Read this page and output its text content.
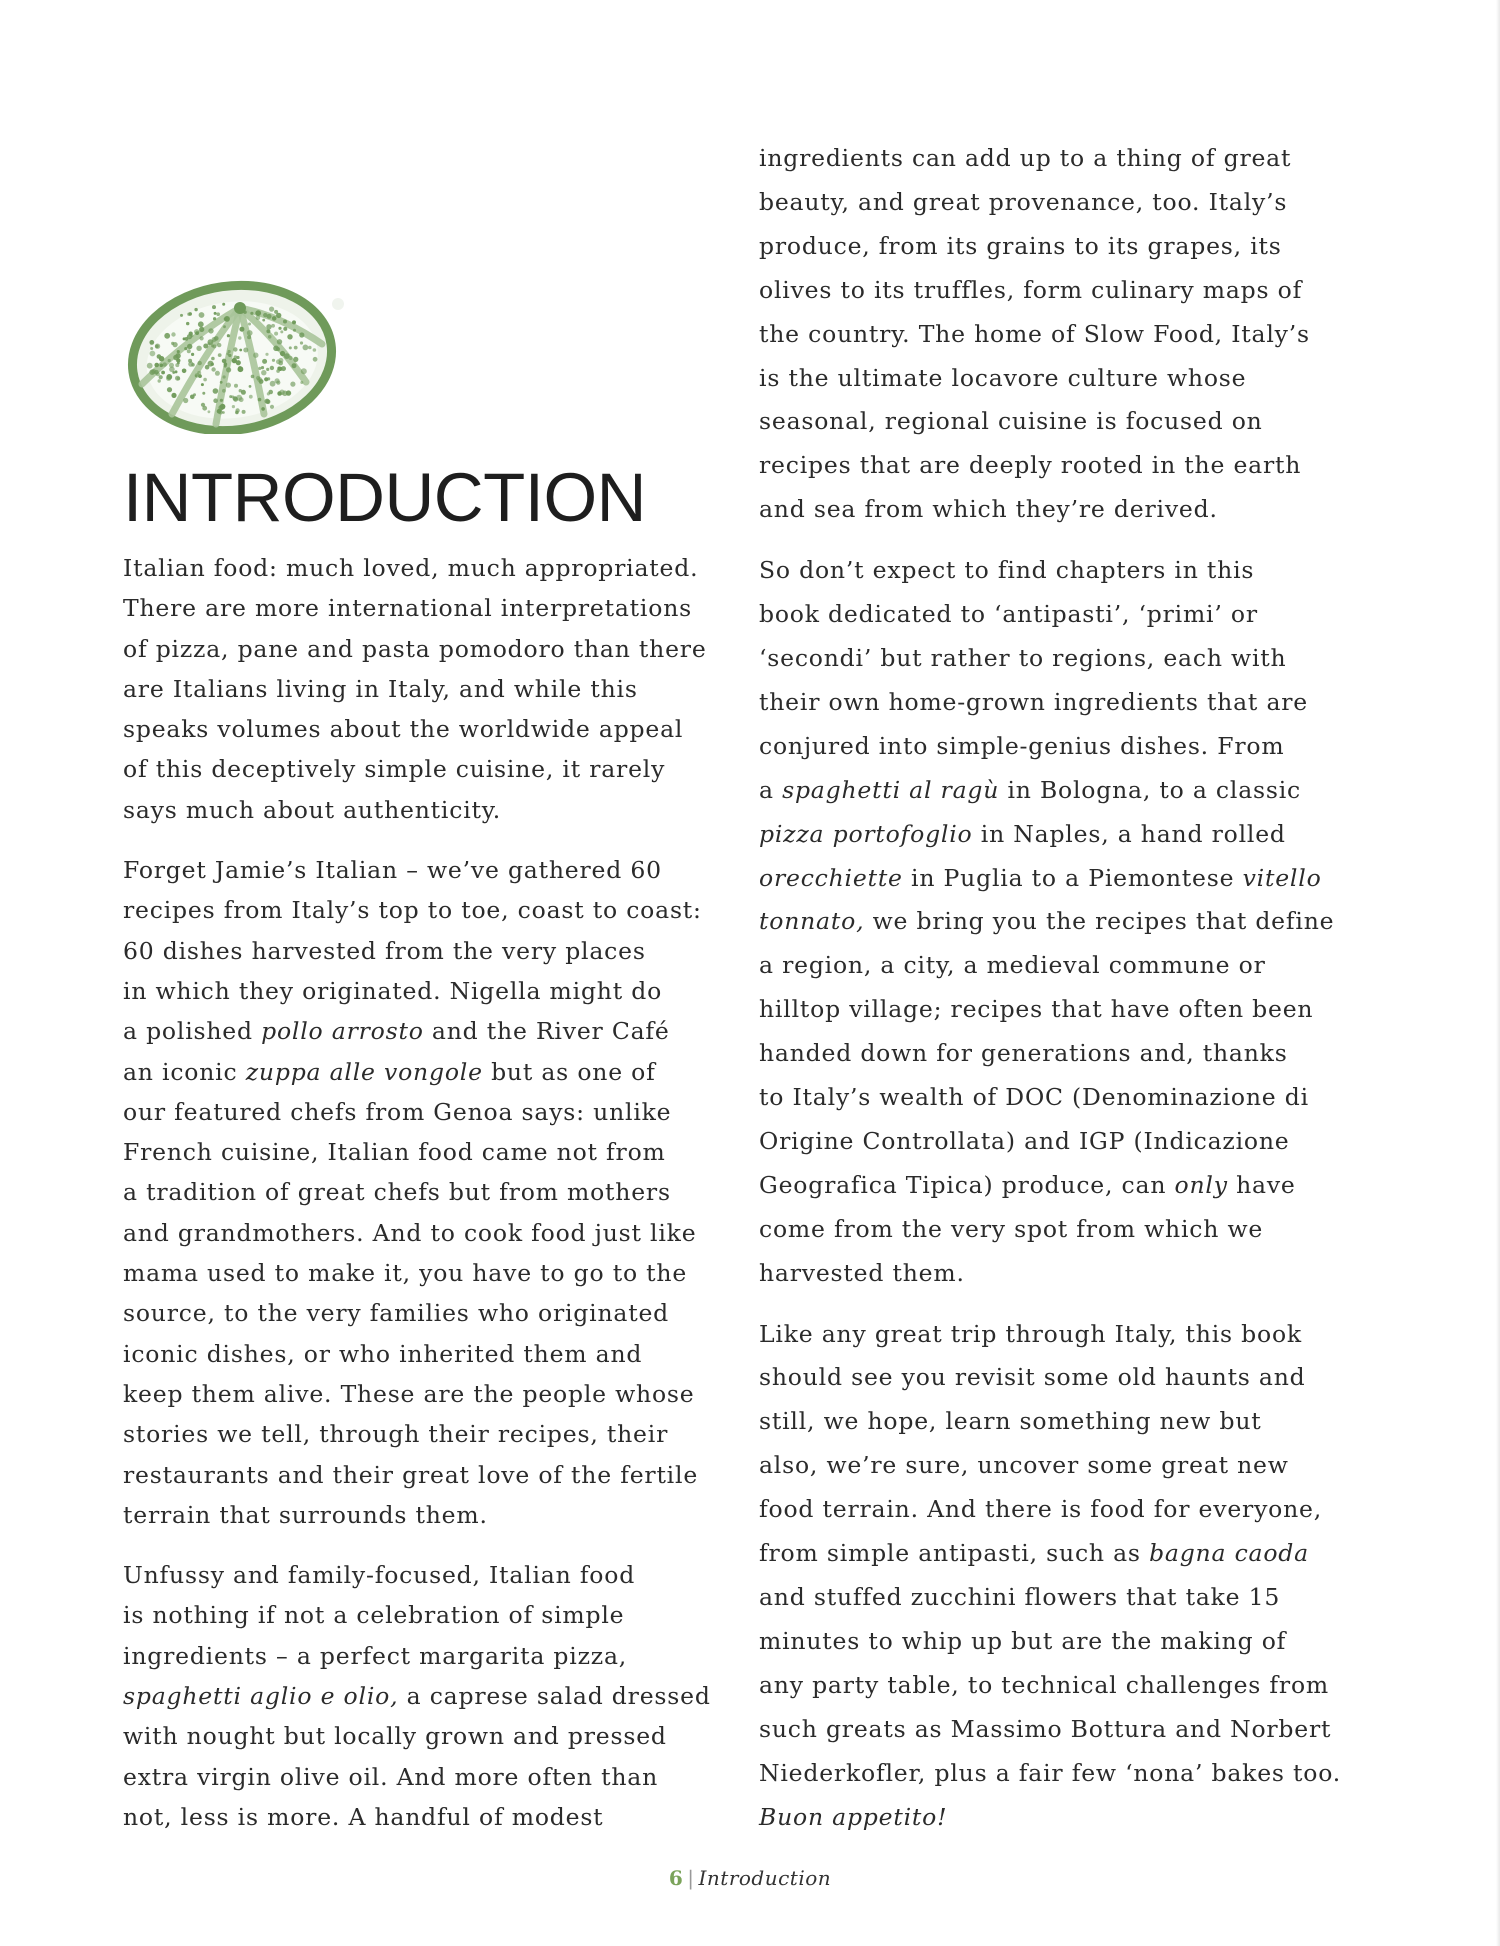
INTRODUCTION

Italian food: much loved, much appropriated.
There are more international interpretations
of pizza, pane and pasta pomodoro than there
are Italians living in Italy, and while this
speaks volumes about the worldwide appeal
of this deceptively simple cuisine, it rarely
says much about authenticity.

Forget Jamie’s Italian – we’ve gathered 60
recipes from Italy’s top to toe, coast to coast:
60 dishes harvested from the very places
in which they originated. Nigella might do
a polished pollo arrosto and the River Café
an iconic zuppa alle vongole but as one of
our featured chefs from Genoa says: unlike
French cuisine, Italian food came not from
a tradition of great chefs but from mothers
and grandmothers. And to cook food just like
mama used to make it, you have to go to the
source, to the very families who originated
iconic dishes, or who inherited them and
keep them alive. These are the people whose
stories we tell, through their recipes, their
restaurants and their great love of the fertile
terrain that surrounds them.

Unfussy and family-focused, Italian food
is nothing if not a celebration of simple
ingredients – a perfect margarita pizza,
spaghetti aglio e olio, a caprese salad dressed
with nought but locally grown and pressed
extra virgin olive oil. And more often than
not, less is more. A handful of modest

ingredients can add up to a thing of great
beauty, and great provenance, too. Italy’s
produce, from its grains to its grapes, its
olives to its truffles, form culinary maps of
the country. The home of Slow Food, Italy’s
is the ultimate locavore culture whose
seasonal, regional cuisine is focused on
recipes that are deeply rooted in the earth
and sea from which they’re derived.

So don’t expect to find chapters in this
book dedicated to ‘antipasti’, ‘primi’ or
‘secondi’ but rather to regions, each with
their own home-grown ingredients that are
conjured into simple-genius dishes. From
a spaghetti al ragù in Bologna, to a classic
pizza portofoglio in Naples, a hand rolled
orecchiette in Puglia to a Piemontese vitello
tonnato, we bring you the recipes that define
a region, a city, a medieval commune or
hilltop village; recipes that have often been
handed down for generations and, thanks
to Italy’s wealth of DOC (Denominazione di
Origine Controllata) and IGP (Indicazione
Geografica Tipica) produce, can only have
come from the very spot from which we
harvested them.

Like any great trip through Italy, this book
should see you revisit some old haunts and
still, we hope, learn something new but
also, we’re sure, uncover some great new
food terrain. And there is food for everyone,
from simple antipasti, such as bagna caoda
and stuffed zucchini flowers that take 15
minutes to whip up but are the making of
any party table, to technical challenges from
such greats as Massimo Bottura and Norbert
Niederkofler, plus a fair few ‘nona’ bakes too.
Buon appetito!

6 | Introduction
